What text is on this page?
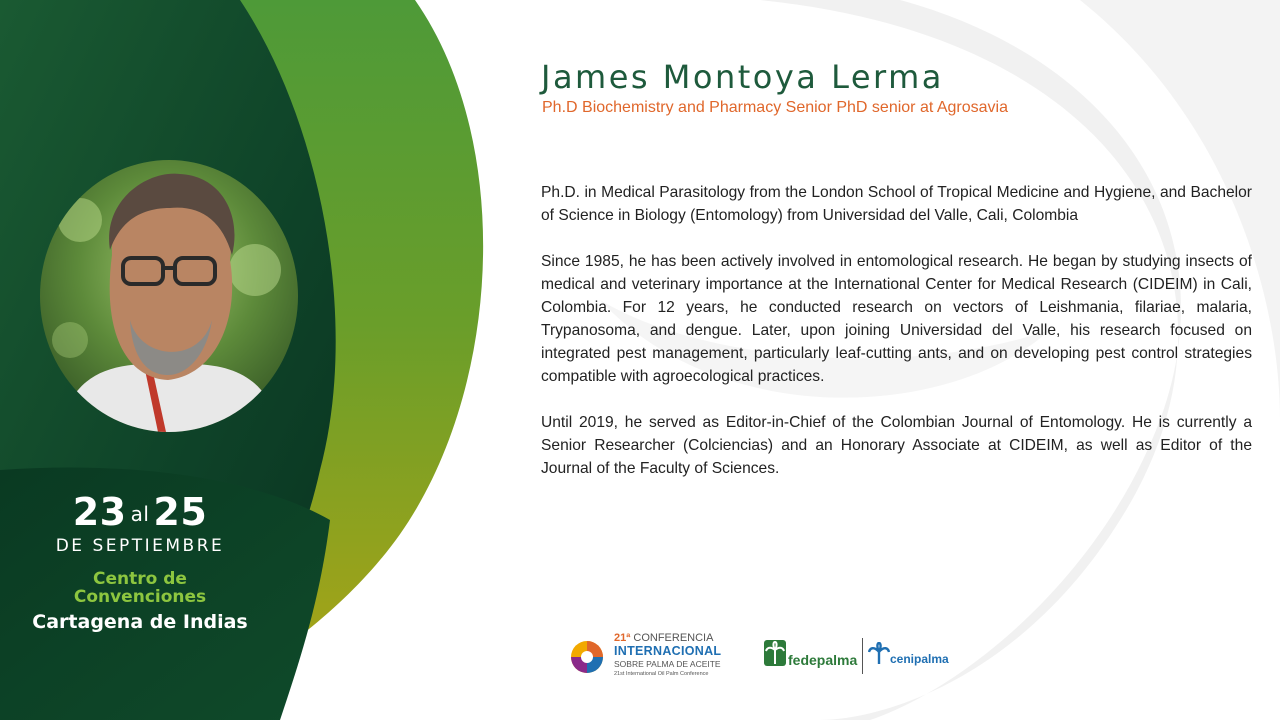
23 al 25
DE SEPTIEMBRE
Centro de
Convenciones
Cartagena de Indias
James Montoya Lerma
Ph.D Biochemistry and Pharmacy Senior PhD senior at Agrosavia

Ph.D. in Medical Parasitology from the London School of Tropical Medicine and Hygiene, and Bachelor of Science in Biology (Entomology) from Universidad del Valle, Cali, Colombia

Since 1985, he has been actively involved in entomological research. He began by studying insects of medical and veterinary importance at the International Center for Medical Research (CIDEIM) in Cali, Colombia. For 12 years, he conducted research on vectors of Leishmania, filariae, malaria, Trypanosoma, and dengue. Later, upon joining Universidad del Valle, his research focused on integrated pest management, particularly leaf-cutting ants, and on developing pest control strategies compatible with agroecological practices.

Until 2019, he served as Editor-in-Chief of the Colombian Journal of Entomology. He is currently a Senior Researcher (Colciencias) and an Honorary Associate at CIDEIM, as well as Editor of the Journal of the Faculty of Sciences.

21ª CONFERENCIA
INTERNACIONAL
SOBRE PALMA DE ACEITE
21st International Oil Palm Conference
fedepalma	cenipalma
